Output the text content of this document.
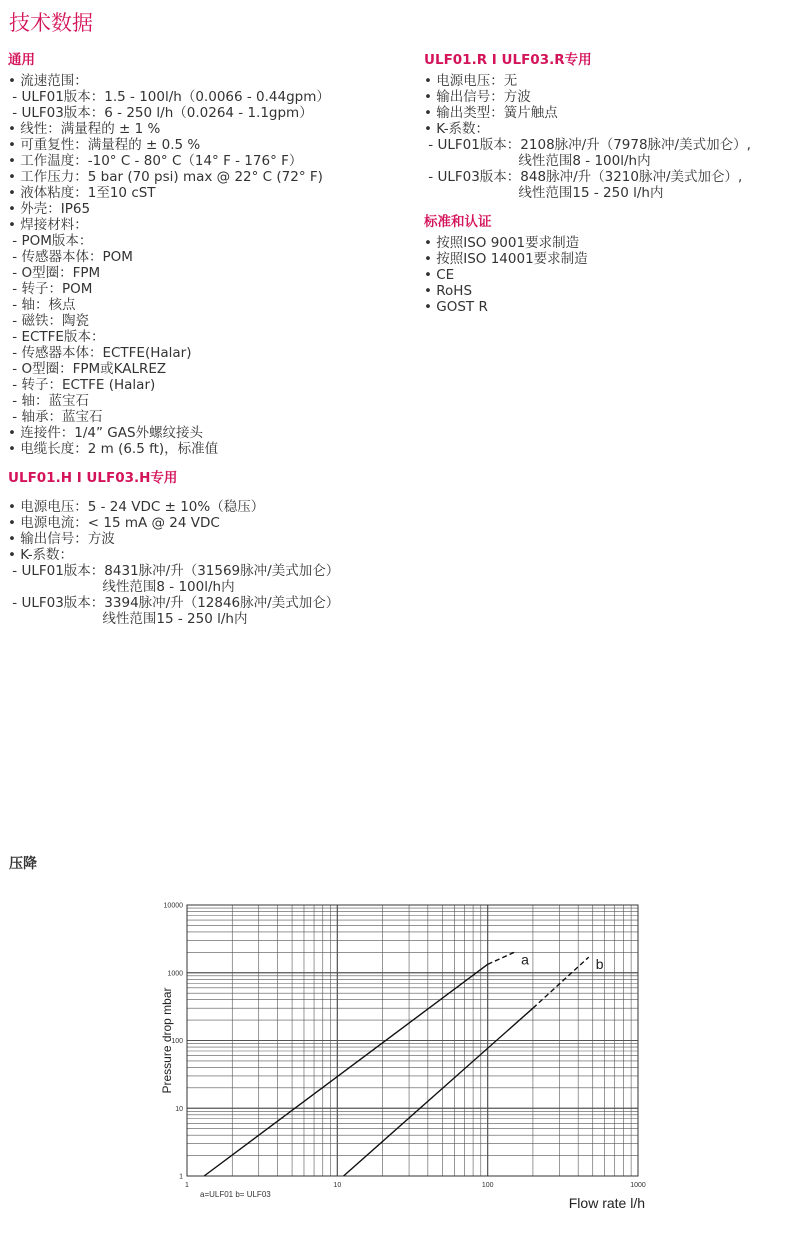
技术数据
通用

• 流速范围：

- ULF01版本：1.5 - 100l/h（0.0066 - 0.44gpm）

- ULF03版本：6 - 250 l/h（0.0264 - 1.1gpm）

• 线性：满量程的 ± 1 %

• 可重复性：满量程的 ± 0.5 %

• 工作温度：-10° C - 80° C（14° F - 176° F）

• 工作压力：5 bar (70 psi) max @ 22° C (72° F)

• 液体粘度：1至10 cST

• 外壳：IP65

• 焊接材料：

- POM版本：

- 传感器本体：POM

- O型圈：FPM

- 转子：POM

- 轴：核点

- 磁铁：陶瓷

- ECTFE版本：

- 传感器本体：ECTFE(Halar)

- O型圈：FPM或KALREZ

- 转子：ECTFE (Halar)

- 轴：蓝宝石

- 轴承：蓝宝石

• 连接件：1/4” GAS外螺纹接头

• 电缆长度：2 m (6.5 ft)，标准值

ULF01.H I ULF03.H专用

• 电源电压：5 - 24 VDC ± 10%（稳压）

• 电源电流：< 15 mA @ 24 VDC

• 输出信号：方波

• K-系数：

- ULF01版本：8431脉冲/升（31569脉冲/美式加仑）

线性范围8 - 100l/h内

- ULF03版本：3394脉冲/升（12846脉冲/美式加仑）

线性范围15 - 250 l/h内

ULF01.R I ULF03.R专用

• 电源电压：无

• 输出信号：方波

• 输出类型：簧片触点

• K-系数：

- ULF01版本：2108脉冲/升（7978脉冲/美式加仑）,

线性范围8 - 100l/h内

- ULF03版本：848脉冲/升（3210脉冲/美式加仑）,

线性范围15 - 250 l/h内

标准和认证

• 按照ISO 9001要求制造

• 按照ISO 14001要求制造

• CE

• RoHS

• GOST R

压降
1	10	100	1000
1
10
100
1000
10000
a	b
Pressure drop mbar
Flow rate l/h
a=ULF01 b= ULF03
